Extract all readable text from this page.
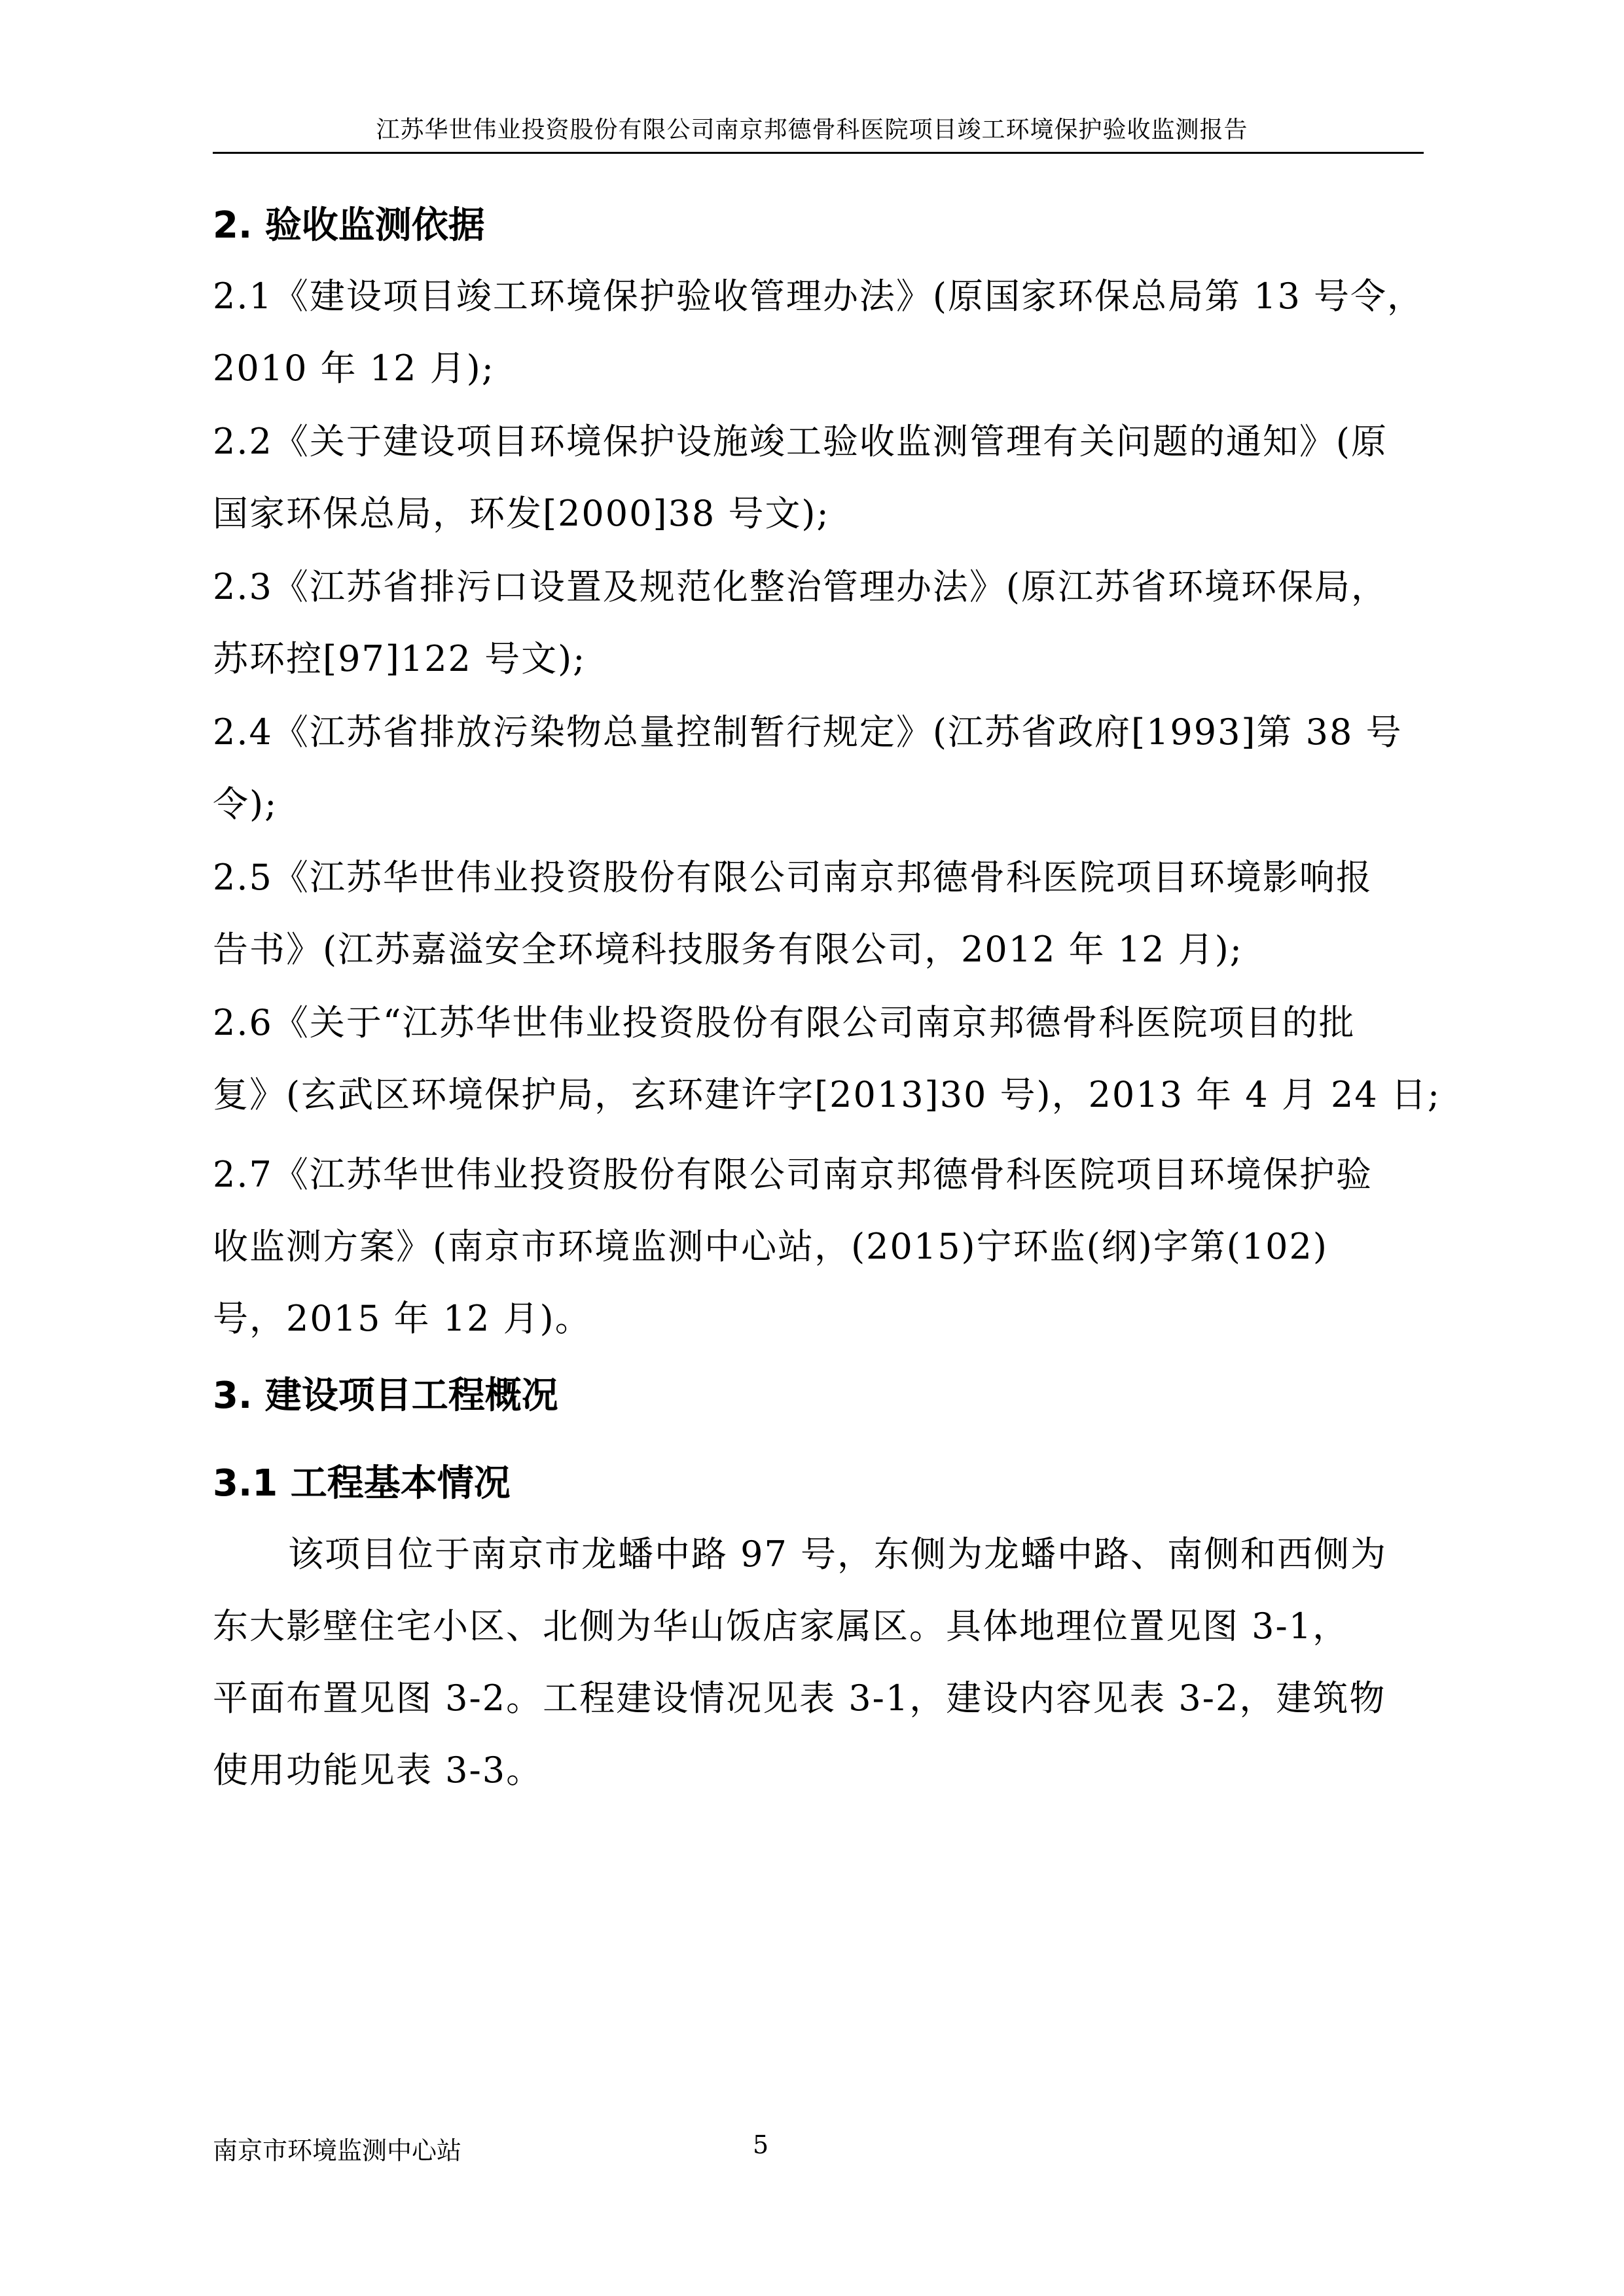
江苏华世伟业投资股份有限公司南京邦德骨科医院项目竣工环境保护验收监测报告
2. 验收监测依据
2.1《建设项目竣工环境保护验收管理办法》(原国家环保总局第 13 号令，
2010 年 12 月);
2.2《关于建设项目环境保护设施竣工验收监测管理有关问题的通知》(原
国家环保总局，环发[2000]38 号文);
2.3《江苏省排污口设置及规范化整治管理办法》(原江苏省环境环保局，
苏环控[97]122 号文);
2.4《江苏省排放污染物总量控制暂行规定》(江苏省政府[1993]第 38 号
令);
2.5《江苏华世伟业投资股份有限公司南京邦德骨科医院项目环境影响报
告书》(江苏嘉溢安全环境科技服务有限公司，2012 年 12 月);
2.6《关于“江苏华世伟业投资股份有限公司南京邦德骨科医院项目的批
复》(玄武区环境保护局，玄环建许字[2013]30 号)，2013 年 4 月 24 日;
2.7《江苏华世伟业投资股份有限公司南京邦德骨科医院项目环境保护验
收监测方案》(南京市环境监测中心站，(2015)宁环监(纲)字第(102)
号，2015 年 12 月)。
3. 建设项目工程概况
3.1 工程基本情况
该项目位于南京市龙蟠中路 97 号，东侧为龙蟠中路、南侧和西侧为
东大影壁住宅小区、北侧为华山饭店家属区。具体地理位置见图 3-1，
平面布置见图 3-2。工程建设情况见表 3-1，建设内容见表 3-2，建筑物
使用功能见表 3-3。
南京市环境监测中心站	5
